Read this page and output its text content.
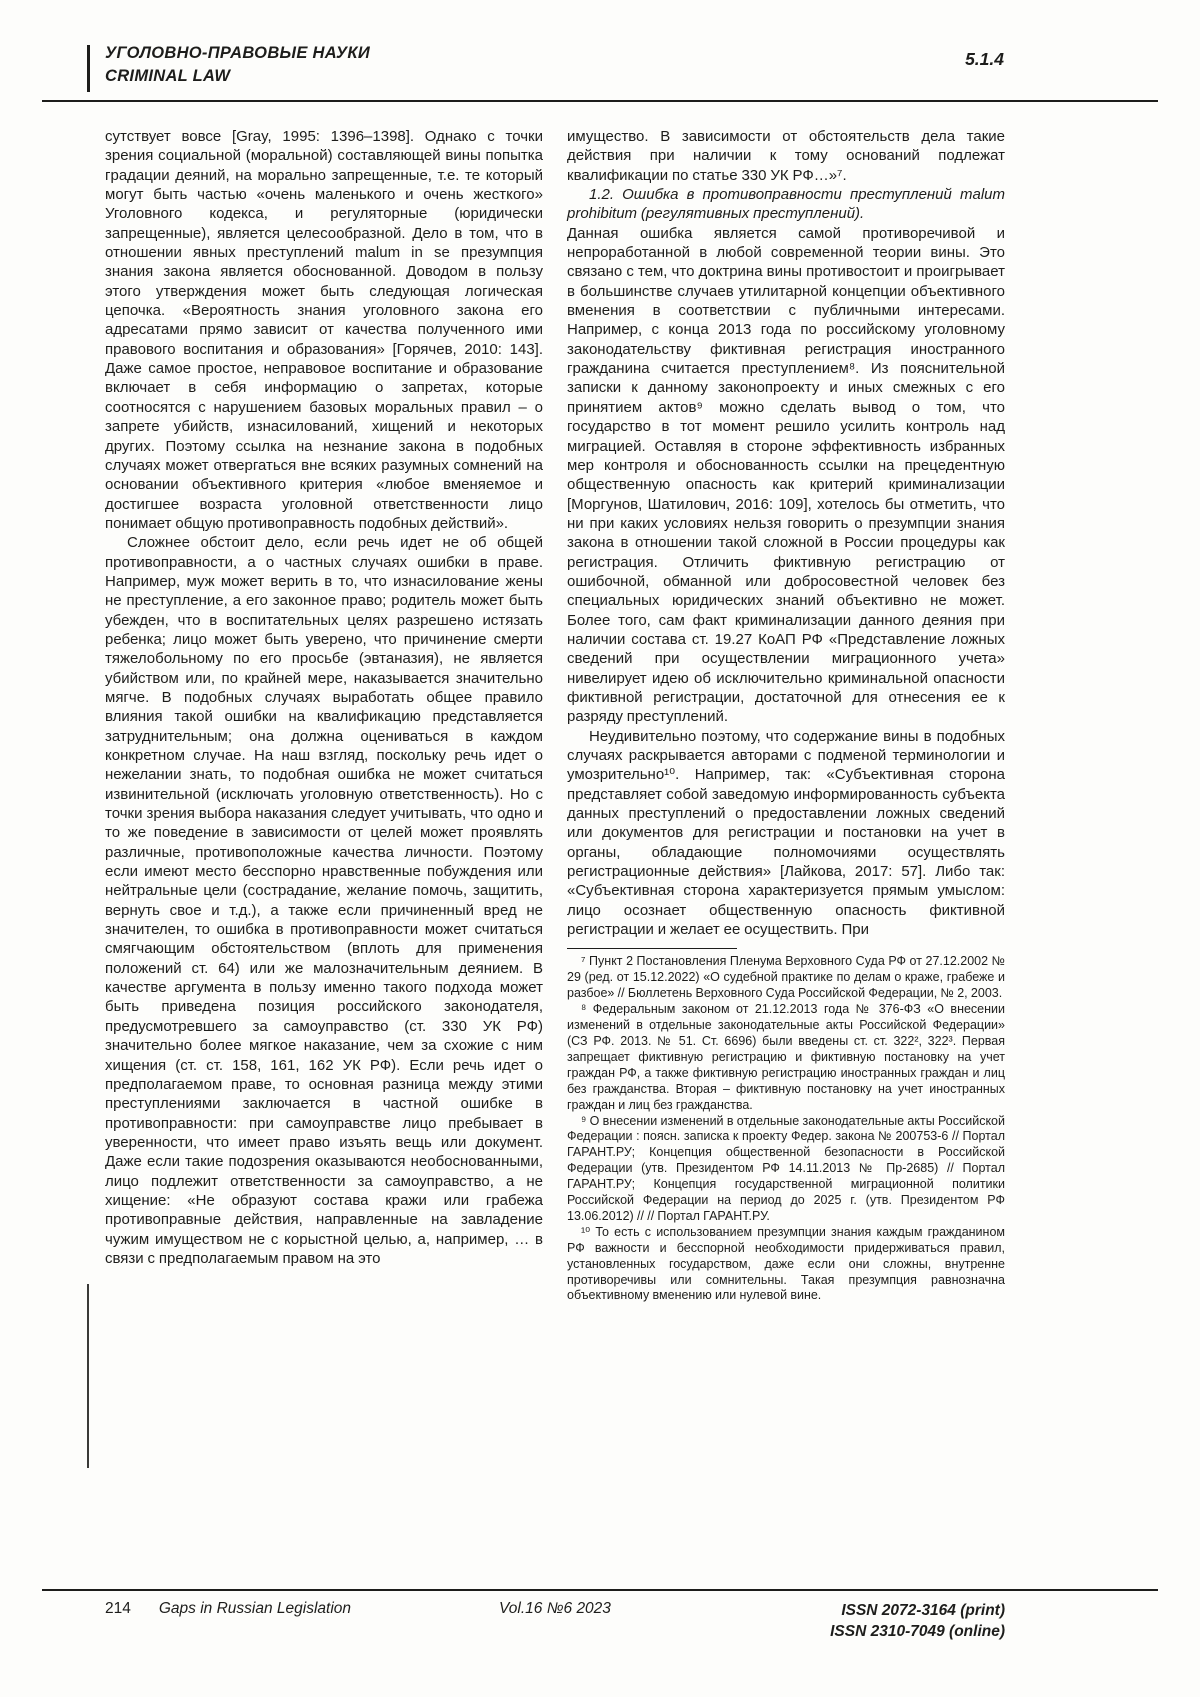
УГОЛОВНО-ПРАВОВЫЕ НАУКИ
CRIMINAL LAW
5.1.4

сутствует вовсе [Gray, 1995: 1396–1398]. Однако с точки зрения социальной (моральной) составляющей вины попытка градации деяний, на морально запрещенные, т.е. те который могут быть частью «очень маленького и очень жесткого» Уголовного кодекса, и регуляторные (юридически запрещенные), является целесообразной. Дело в том, что в отношении явных преступлений malum in se презумпция знания закона является обоснованной. Доводом в пользу этого утверждения может быть следующая логическая цепочка. «Вероятность знания уголовного закона его адресатами прямо зависит от качества полученного ими правового воспитания и образования» [Горячев, 2010: 143]. Даже самое простое, неправовое воспитание и образование включает в себя информацию о запретах, которые соотносятся с нарушением базовых моральных правил – о запрете убийств, изнасилований, хищений и некоторых других. Поэтому ссылка на незнание закона в подобных случаях может отвергаться вне всяких разумных сомнений на основании объективного критерия «любое вменяемое и достигшее возраста уголовной ответственности лицо понимает общую противоправность подобных действий».

Сложнее обстоит дело, если речь идет не об общей противоправности, а о частных случаях ошибки в праве. Например, муж может верить в то, что изнасилование жены не преступление, а его законное право; родитель может быть убежден, что в воспитательных целях разрешено истязать ребенка; лицо может быть уверено, что причинение смерти тяжелобольному по его просьбе (эвтаназия), не является убийством или, по крайней мере, наказывается значительно мягче. В подобных случаях выработать общее правило влияния такой ошибки на квалификацию представляется затруднительным; она должна оцениваться в каждом конкретном случае. На наш взгляд, поскольку речь идет о нежелании знать, то подобная ошибка не может считаться извинительной (исключать уголовную ответственность). Но с точки зрения выбора наказания следует учитывать, что одно и то же поведение в зависимости от целей может проявлять различные, противоположные качества личности. Поэтому если имеют место бесспорно нравственные побуждения или нейтральные цели (сострадание, желание помочь, защитить, вернуть свое и т.д.), а также если причиненный вред не значителен, то ошибка в противоправности может считаться смягчающим обстоятельством (вплоть для применения положений ст. 64) или же малозначительным деянием. В качестве аргумента в пользу именно такого подхода может быть приведена позиция российского законодателя, предусмотревшего за самоуправство (ст. 330 УК РФ) значительно более мягкое наказание, чем за схожие с ним хищения (ст. ст. 158, 161, 162 УК РФ). Если речь идет о предполагаемом праве, то основная разница между этими преступлениями заключается в частной ошибке в противоправности: при самоуправстве лицо пребывает в уверенности, что имеет право изъять вещь или документ. Даже если такие подозрения оказываются необоснованными, лицо подлежит ответственности за самоуправство, а не хищение: «Не образуют состава кражи или грабежа противоправные действия, направленные на завладение чужим имуществом не с корыстной целью, а, например, … в связи с предполагаемым правом на это

имущество. В зависимости от обстоятельств дела такие действия при наличии к тому оснований подлежат квалификации по статье 330 УК РФ…»⁷.

1.2. Ошибка в противоправности преступлений malum prohibitum (регулятивных преступлений).

Данная ошибка является самой противоречивой и непроработанной в любой современной теории вины. Это связано с тем, что доктрина вины противостоит и проигрывает в большинстве случаев утилитарной концепции объективного вменения в соответствии с публичными интересами. Например, с конца 2013 года по российскому уголовному законодательству фиктивная регистрация иностранного гражданина считается преступлением⁸. Из пояснительной записки к данному законопроекту и иных смежных с его принятием актов⁹ можно сделать вывод о том, что государство в тот момент решило усилить контроль над миграцией. Оставляя в стороне эффективность избранных мер контроля и обоснованность ссылки на прецедентную общественную опасность как критерий криминализации [Моргунов, Шатилович, 2016: 109], хотелось бы отметить, что ни при каких условиях нельзя говорить о презумпции знания закона в отношении такой сложной в России процедуры как регистрация. Отличить фиктивную регистрацию от ошибочной, обманной или добросовестной человек без специальных юридических знаний объективно не может. Более того, сам факт криминализации данного деяния при наличии состава ст. 19.27 КоАП РФ «Представление ложных сведений при осуществлении миграционного учета» нивелирует идею об исключительно криминальной опасности фиктивной регистрации, достаточной для отнесения ее к разряду преступлений.

Неудивительно поэтому, что содержание вины в подобных случаях раскрывается авторами с подменой терминологии и умозрительно¹⁰. Например, так: «Субъективная сторона представляет собой заведомую информированность субъекта данных преступлений о предоставлении ложных сведений или документов для регистрации и постановки на учет в органы, обладающие полномочиями осуществлять регистрационные действия» [Лайкова, 2017: 57]. Либо так: «Субъективная сторона характеризуется прямым умыслом: лицо осознает общественную опасность фиктивной регистрации и желает ее осуществить. При

⁷ Пункт 2 Постановления Пленума Верховного Суда РФ от 27.12.2002 № 29 (ред. от 15.12.2022) «О судебной практике по делам о краже, грабеже и разбое» // Бюллетень Верховного Суда Российской Федерации, № 2, 2003.

⁸ Федеральным законом от 21.12.2013 года № 376-ФЗ «О внесении изменений в отдельные законодательные акты Российской Федерации» (СЗ РФ. 2013. № 51. Ст. 6696) были введены ст. ст. 322², 322³. Первая запрещает фиктивную регистрацию и фиктивную постановку на учет граждан РФ, а также фиктивную регистрацию иностранных граждан и лиц без гражданства. Вторая – фиктивную постановку на учет иностранных граждан и лиц без гражданства.

⁹ О внесении изменений в отдельные законодательные акты Российской Федерации : поясн. записка к проекту Федер. закона № 200753-6 // Портал ГАРАНТ.РУ; Концепция общественной безопасности в Российской Федерации (утв. Президентом РФ 14.11.2013 № Пр-2685) // Портал ГАРАНТ.РУ; Концепция государственной миграционной политики Российской Федерации на период до 2025 г. (утв. Президентом РФ 13.06.2012) // // Портал ГАРАНТ.РУ.

¹⁰ То есть с использованием презумпции знания каждым гражданином РФ важности и бесспорной необходимости придерживаться правил, установленных государством, даже если они сложны, внутренне противоречивы или сомнительны. Такая презумпция равнозначна объективному вменению или нулевой вине.

214 Gaps in Russian Legislation	Vol.16 №6 2023	ISSN 2072-3164 (print)
ISSN 2310-7049 (online)
